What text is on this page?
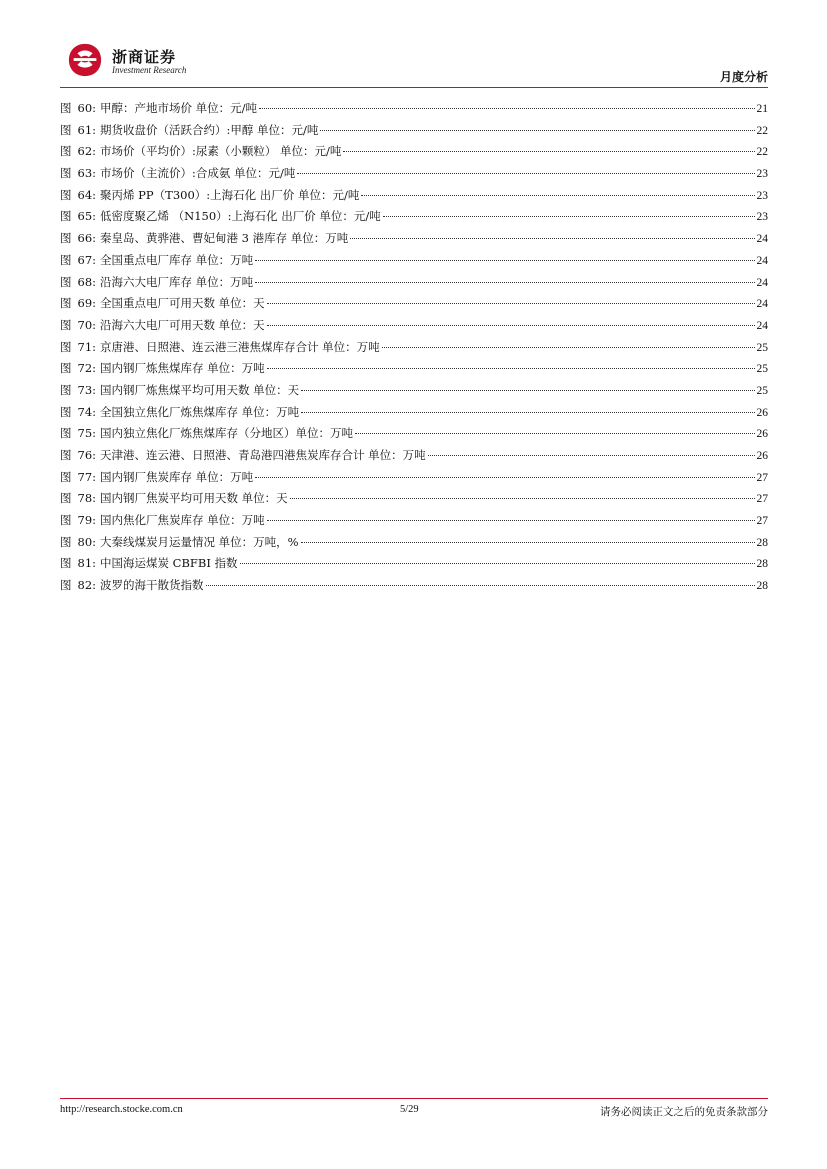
浙商证券
Investment Research	月度分析
图 60: 甲醇：产地市场价 单位：元/吨	21
图 61: 期货收盘价（活跃合约）:甲醇 单位：元/吨	22
图 62: 市场价（平均价）:尿素（小颗粒） 单位：元/吨	22
图 63: 市场价（主流价）:合成氨 单位：元/吨	23
图 64: 聚丙烯 PP（T300）:上海石化 出厂价 单位：元/吨	23
图 65: 低密度聚乙烯 （N150）:上海石化 出厂价 单位：元/吨	23
图 66: 秦皇岛、黄骅港、曹妃甸港 3 港库存 单位：万吨	24
图 67: 全国重点电厂库存 单位：万吨	24
图 68: 沿海六大电厂库存 单位：万吨	24
图 69: 全国重点电厂可用天数 单位：天	24
图 70: 沿海六大电厂可用天数 单位：天	24
图 71: 京唐港、日照港、连云港三港焦煤库存合计 单位：万吨	25
图 72: 国内钢厂炼焦煤库存 单位：万吨	25
图 73: 国内钢厂炼焦煤平均可用天数 单位：天	25
图 74: 全国独立焦化厂炼焦煤库存 单位：万吨	26
图 75: 国内独立焦化厂炼焦煤库存（分地区）单位：万吨	26
图 76: 天津港、连云港、日照港、青岛港四港焦炭库存合计 单位：万吨	26
图 77: 国内钢厂焦炭库存 单位：万吨	27
图 78: 国内钢厂焦炭平均可用天数 单位：天	27
图 79: 国内焦化厂焦炭库存 单位：万吨	27
图 80: 大秦线煤炭月运量情况 单位：万吨，%	28
图 81: 中国海运煤炭 CBFBI 指数	28
图 82: 波罗的海干散货指数	28
http://research.stocke.com.cn	5/29	请务必阅读正文之后的免责条款部分
